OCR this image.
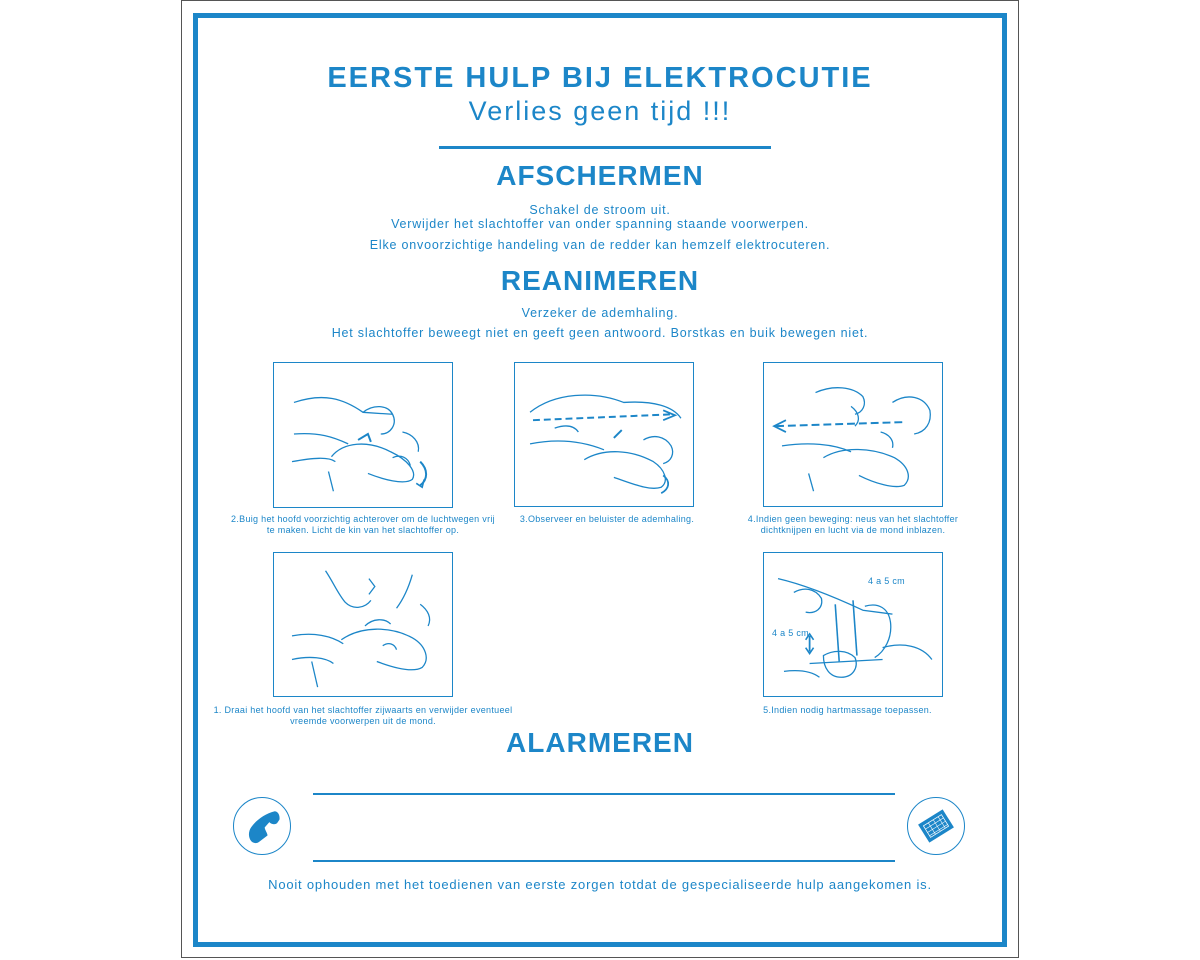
EERSTE HULP BIJ ELEKTROCUTIE
Verlies geen tijd !!!
AFSCHERMEN
Schakel de stroom uit.
Verwijder het slachtoffer van onder spanning staande voorwerpen.
Elke onvoorzichtige handeling van de redder kan hemzelf elektrocuteren.
REANIMEREN
Verzeker de ademhaling.
Het slachtoffer beweegt niet en geeft geen antwoord. Borstkas en buik bewegen niet.
2.Buig het hoofd voorzichtig achterover om de luchtwegen vrij te maken. Licht de kin van het slachtoffer op.
3.Observeer en beluister de ademhaling.	4.Indien geen beweging: neus van het slachtoffer dichtknijpen en lucht via de mond inblazen.
1. Draai het hoofd van het slachtoffer zijwaarts en verwijder eventueel vreemde voorwerpen uit de mond.
4 a 5 cm
4 a 5 cm
5.Indien nodig hartmassage toepassen.
ALARMEREN
Nooit ophouden met het toedienen van eerste zorgen totdat de gespecialiseerde hulp aangekomen is.
